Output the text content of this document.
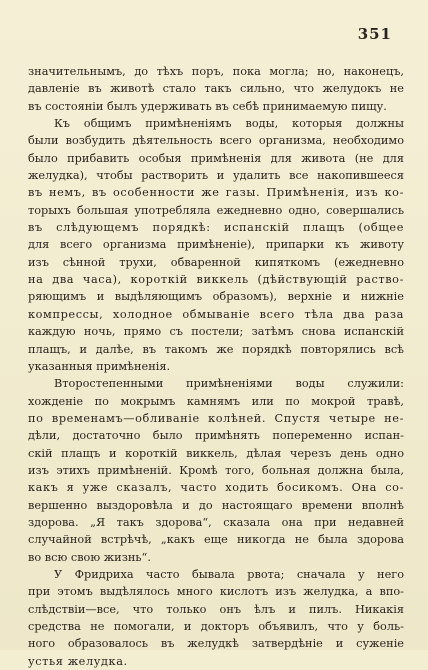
351
значительнымъ, до тѣхъ поръ, пока могла; но, наконецъ,
давленіе въ животѣ стало такъ сильно, что желудокъ не
въ состояніи былъ удерживать въ себѣ принимаемую пищу.
Къ общимъ примѣненіямъ воды, которыя должны
были возбудить дѣятельность всего организма, необходимо
было прибавить особыя примѣненія для живота (не для
желудка), чтобы растворить и удалить все накопившееся
въ немъ, въ особенности же газы. Примѣненія, изъ ко-
торыхъ большая употреблялa ежедневно одно, совершались
въ слѣдующемъ порядкѣ: испанскій плащъ (общее
для всего организма примѣненіе), припарки къ животу
изъ сѣнной трухи, обваренной кипяткомъ (ежедневно
на два часа), короткій виккель (дѣйствующій раство-
ряющимъ и выдѣляющимъ образомъ), верхніе и нижніе
компрессы, холодное обмываніе всего тѣла два раза
каждую ночь, прямо съ постели; затѣмъ снова испанскій
плащъ, и далѣе, въ такомъ же порядкѣ повторялись всѣ
указанныя примѣненія.
Второстепенными примѣненіями воды служили:
хожденіе по мокрымъ камнямъ или по мокрой травѣ,
по временамъ—обливаніе колѣней. Спустя четыре не-
дѣли, достаточно было примѣнять попеременно испан-
скій плащъ и короткій виккель, дѣлая черезъ день одно
изъ этихъ примѣненій. Кромѣ того, больная должна была,
какъ я уже сказалъ, часто ходить босикомъ. Она со-
вершенно выздоровѣла и до настоящаго времени вполнѣ
здорова. „Я такъ здорова“, сказала она при недавней
случайной встрѣчѣ, „какъ еще никогда не была здорова
во всю свою жизнь“.
У Фридриха часто бывала рвота; сначала у него
при этомъ выдѣлялось много кислотъ изъ желудка, а впо-
слѣдствіи—все, что только онъ ѣлъ и пилъ. Никакія
средства не помогали, и докторъ объявилъ, что у боль-
ного образовалось въ желудкѣ затвердѣніе и суженіе
устья желудка.
